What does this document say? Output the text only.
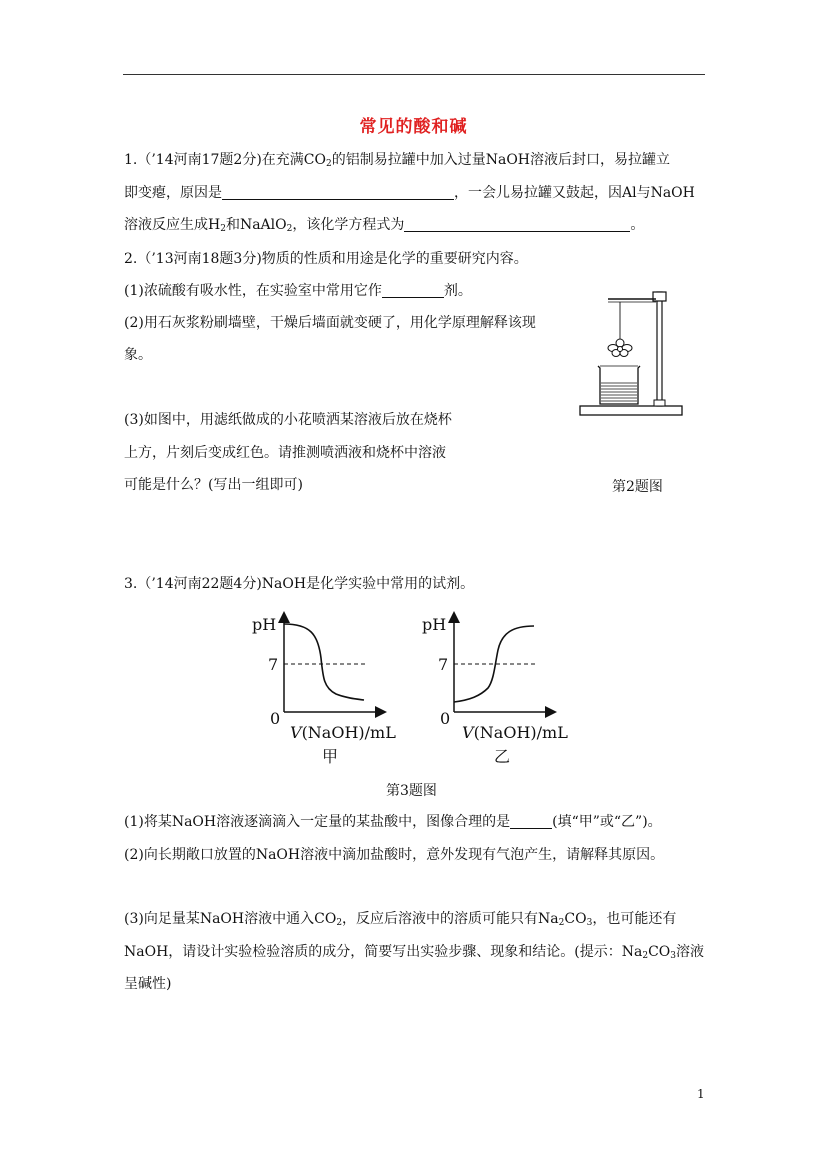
常见的酸和碱
1.（’14河南17题2分)在充满$CO_2$的铝制易拉罐中加入过量NaOH溶液后封口，易拉罐立
即变瘪，原因是	，一会儿易拉罐又鼓起，因Al与NaOH
溶液反应生成$H_2$和NaAlO$_2$，该化学方程式为	。
2.（’13河南18题3分)物质的性质和用途是化学的重要研究内容。
(1)浓硫酸有吸水性，在实验室中常用它作	剂。
(2)用石灰浆粉刷墙壁，干燥后墙面就变硬了，用化学原理解释该现
象。
(3)如图中，用滤纸做成的小花喷洒某溶液后放在烧杯
上方，片刻后变成红色。请推测喷洒液和烧杯中溶液
可能是什么？(写出一组即可)	第2题图
3.（’14河南22题4分)NaOH是化学实验中常用的试剂。
pH
7
0
V(NaOH)/mL
甲
pH
7
0
V(NaOH)/mL
乙
第3题图
(1)将某NaOH溶液逐滴滴入一定量的某盐酸中，图像合理的是	(填“甲”或“乙”)。
(2)向长期敞口放置的NaOH溶液中滴加盐酸时，意外发现有气泡产生，请解释其原因。
(3)向足量某NaOH溶液中通入$CO_2$，反应后溶液中的溶质可能只有$Na_2CO_3$，也可能还有
NaOH，请设计实验检验溶质的成分，简要写出实验步骤、现象和结论。(提示：$Na_2CO_3$溶液
呈碱性)
1
